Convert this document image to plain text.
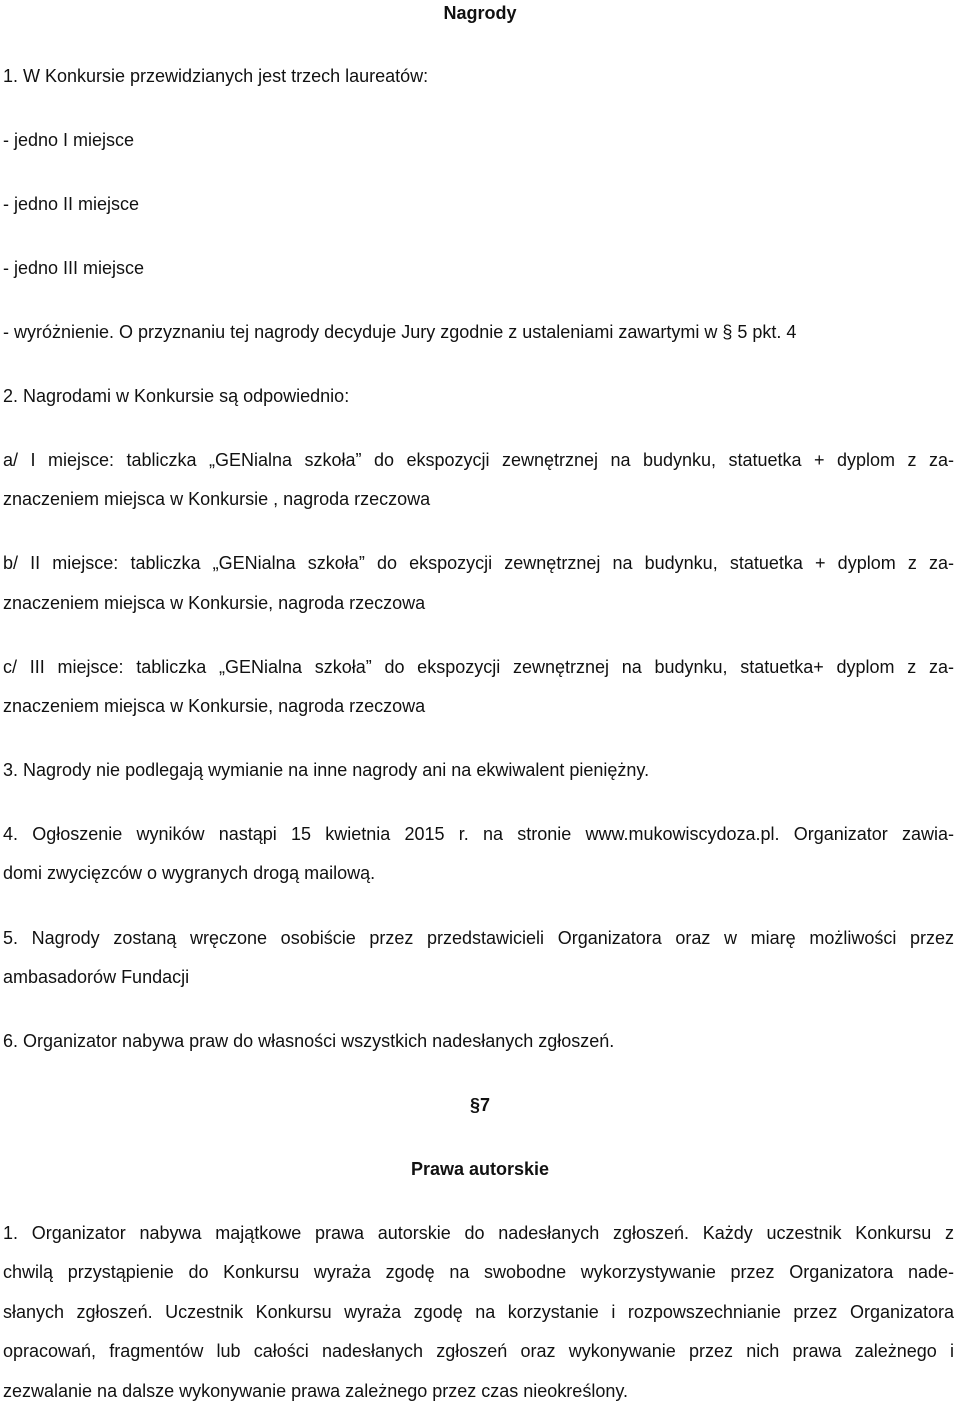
Nagrody
1. W Konkursie przewidzianych jest trzech laureatów:
- jedno I miejsce
- jedno II miejsce
- jedno III miejsce
- wyróżnienie. O przyznaniu tej nagrody decyduje Jury zgodnie z ustaleniami zawartymi w § 5 pkt. 4
2. Nagrodami w Konkursie są odpowiednio:
a/ I miejsce: tabliczka „GENialna szkoła” do ekspozycji zewnętrznej na budynku, statuetka + dyplom z za-
znaczeniem miejsca w Konkursie , nagroda rzeczowa
b/ II miejsce: tabliczka „GENialna szkoła” do ekspozycji zewnętrznej na budynku, statuetka + dyplom z za-
znaczeniem miejsca w Konkursie, nagroda rzeczowa
c/ III miejsce: tabliczka „GENialna szkoła” do ekspozycji zewnętrznej na budynku, statuetka+ dyplom z za-
znaczeniem miejsca w Konkursie, nagroda rzeczowa
3. Nagrody nie podlegają wymianie na inne nagrody ani na ekwiwalent pieniężny.
4. Ogłoszenie wyników nastąpi 15 kwietnia 2015 r. na stronie www.mukowiscydoza.pl. Organizator zawia-
domi zwycięzców o wygranych drogą mailową.
5. Nagrody zostaną wręczone osobiście przez przedstawicieli Organizatora oraz w miarę możliwości przez
ambasadorów Fundacji
6. Organizator nabywa praw do własności wszystkich nadesłanych zgłoszeń.
§7
Prawa autorskie
1. Organizator nabywa majątkowe prawa autorskie do nadesłanych zgłoszeń. Każdy uczestnik Konkursu z
chwilą przystąpienie do Konkursu wyraża zgodę na swobodne wykorzystywanie przez Organizatora nade-
słanych zgłoszeń. Uczestnik Konkursu wyraża zgodę na korzystanie i rozpowszechnianie przez Organizatora
opracowań, fragmentów lub całości nadesłanych zgłoszeń oraz wykonywanie przez nich prawa zależnego i
zezwalanie na dalsze wykonywanie prawa zależnego przez czas nieokreślony.
